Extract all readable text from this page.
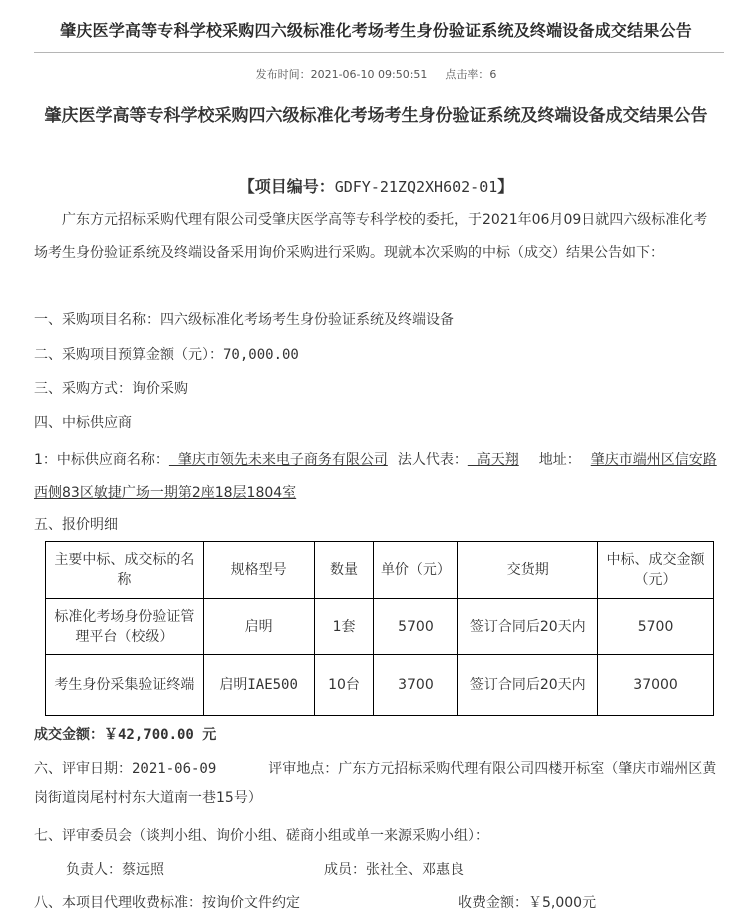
肇庆医学高等专科学校采购四六级标准化考场考生身份验证系统及终端设备成交结果公告
发布时间：2021-06-10 09:50:51 点击率：6
肇庆医学高等专科学校采购四六级标准化考场考生身份验证系统及终端设备成交结果公告
【项目编号：GDFY-21ZQ2XH602-01】
广东方元招标采购代理有限公司受肇庆医学高等专科学校的委托，于2021年06月09日就四六级标准化考场考生身份验证系统及终端设备采用询价采购进行采购。现就本次采购的中标（成交）结果公告如下：
一、采购项目名称：四六级标准化考场考生身份验证系统及终端设备
二、采购项目预算金额（元）：70,000.00
三、采购方式：询价采购
四、中标供应商
1：中标供应商名称：  肇庆市领先未来电子商务有限公司 法人代表：  高天翔 地址： 肇庆市端州区信安路西侧83区敏捷广场一期第2座18层1804室
五、报价明细
主要中标、成交标的名称	规格型号	数量	单价（元）	交货期	中标、成交金额（元）
标准化考场身份验证管理平台（校级）	启明	1套	5700	签订合同后20天内	5700
考生身份采集验证终端	启明IAE500	10台	3700	签订合同后20天内	37000
成交金额：￥42,700.00 元
六、评审日期：2021-06-09	评审地点：广东方元招标采购代理有限公司四楼开标室（肇庆市端州区黄岗街道岗尾村村东大道南一巷15号）
七、评审委员会（谈判小组、询价小组、磋商小组或单一来源采购小组）：
负责人：蔡远照	成员：张社全、邓惠良
八、本项目代理收费标准：按询价文件约定	收费金额：￥5,000元
